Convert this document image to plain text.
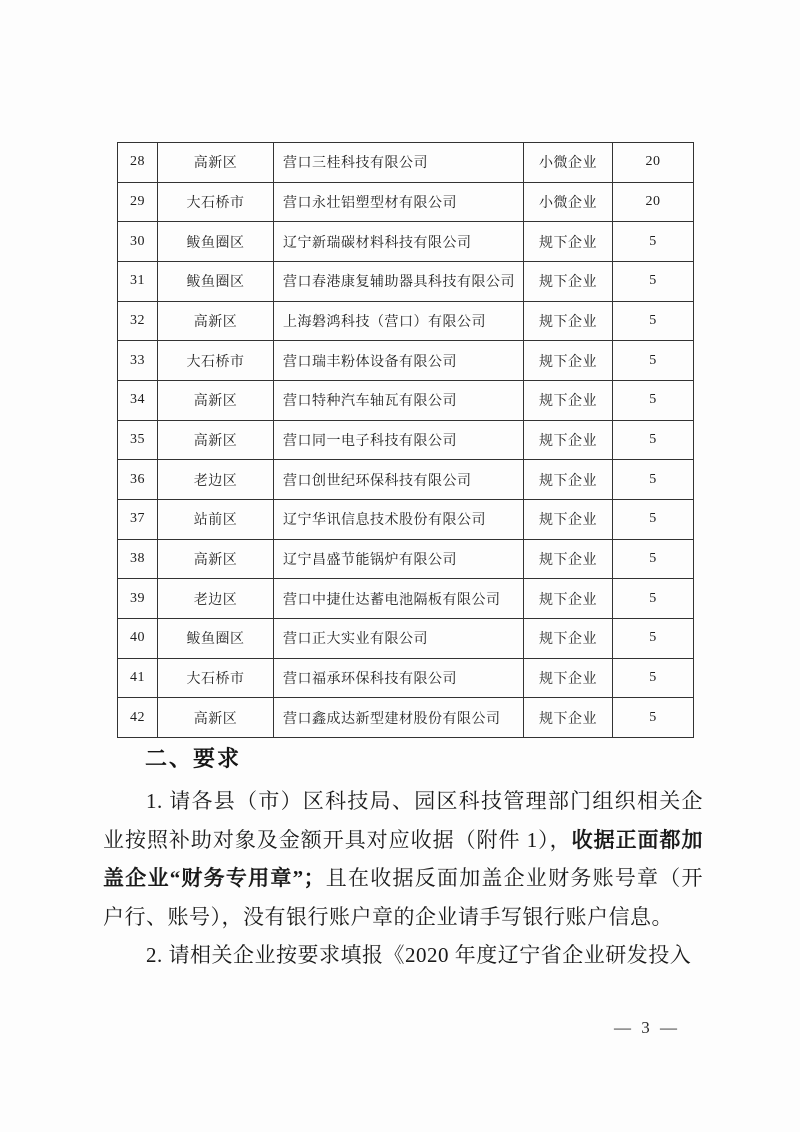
28	高新区	营口三桂科技有限公司	小微企业	20
29	大石桥市	营口永壮铝塑型材有限公司	小微企业	20
30	鲅鱼圈区	辽宁新瑞碳材料科技有限公司	规下企业	5
31	鲅鱼圈区	营口春港康复辅助器具科技有限公司	规下企业	5
32	高新区	上海磐鸿科技（营口）有限公司	规下企业	5
33	大石桥市	营口瑞丰粉体设备有限公司	规下企业	5
34	高新区	营口特种汽车轴瓦有限公司	规下企业	5
35	高新区	营口同一电子科技有限公司	规下企业	5
36	老边区	营口创世纪环保科技有限公司	规下企业	5
37	站前区	辽宁华讯信息技术股份有限公司	规下企业	5
38	高新区	辽宁昌盛节能锅炉有限公司	规下企业	5
39	老边区	营口中捷仕达蓄电池隔板有限公司	规下企业	5
40	鲅鱼圈区	营口正大实业有限公司	规下企业	5
41	大石桥市	营口福承环保科技有限公司	规下企业	5
42	高新区	营口鑫成达新型建材股份有限公司	规下企业	5
二、要求

1. 请各县（市）区科技局、园区科技管理部门组织相关企业按照补助对象及金额开具对应收据（附件 1），收据正面都加盖企业“财务专用章”；且在收据反面加盖企业财务账号章（开户行、账号），没有银行账户章的企业请手写银行账户信息。

2. 请相关企业按要求填报《2020 年度辽宁省企业研发投入

— 3 —
